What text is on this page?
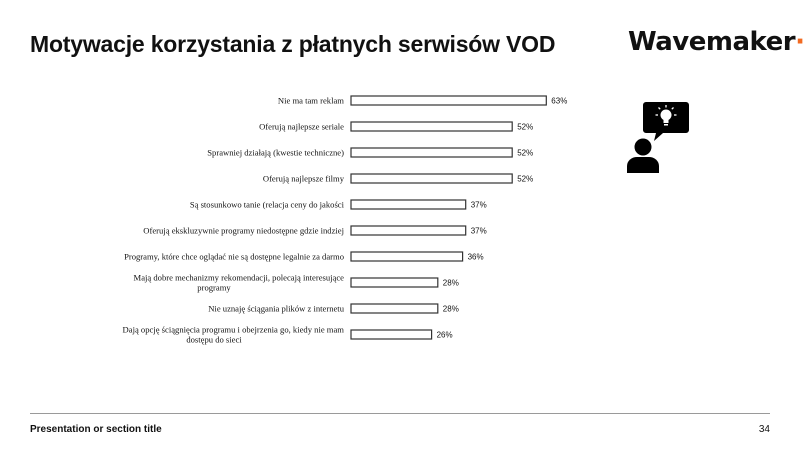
Motywacje korzystania z płatnych serwisów VOD	Wavemaker·
63%
Nie ma tam reklam
52%
Oferują najlepsze seriale
52%
Sprawniej działają (kwestie techniczne)
52%
Oferują najlepsze filmy
37%
Są stosunkowo tanie (relacja ceny do jakości
37%
Oferują ekskluzywnie programy niedostępne gdzie indziej
36%
Programy, które chce oglądać nie są dostępne legalnie za darmo
28%
Mają dobre mechanizmy rekomendacji, polecają interesujące
programy
28%
Nie uznaję ściągania plików z internetu
26%
Dają opcję ściągnięcia programu i obejrzenia go, kiedy nie mam
dostępu do sieci
Presentation or section title	34
